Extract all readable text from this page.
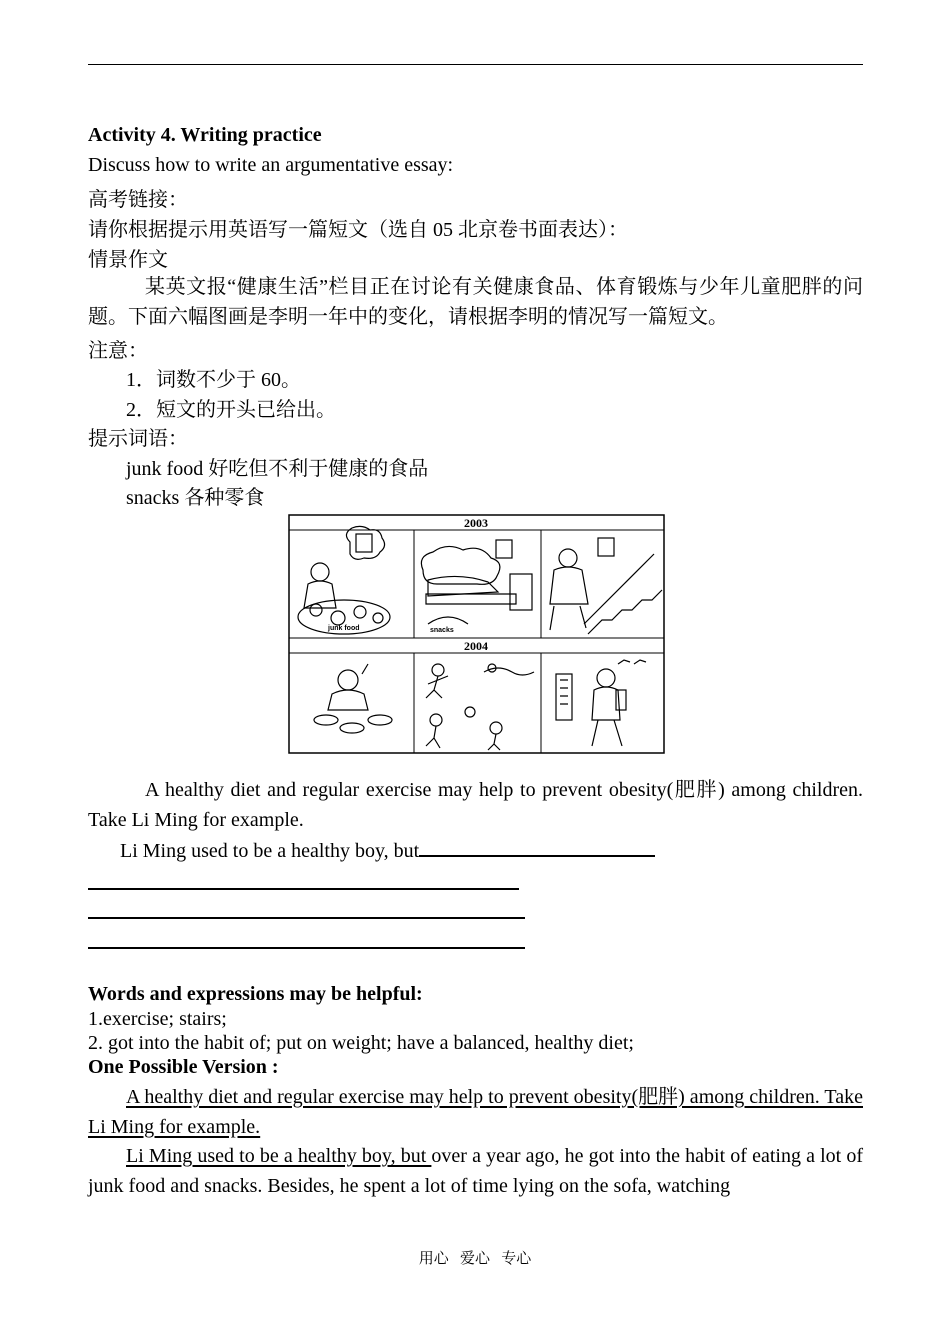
Activity 4. Writing practice
Discuss how to write an argumentative essay:
高考链接：
请你根据提示用英语写一篇短文（选自 05 北京卷书面表达）：
情景作文
某英文报“健康生活”栏目正在讨论有关健康食品、体育锻炼与少年儿童肥胖的问题。下面六幅图画是李明一年中的变化，请根据李明的情况写一篇短文。
注意：
1．词数不少于 60。
2．短文的开头已给出。
提示词语：
junk food 好吃但不利于健康的食品
snacks 各种零食
2003
2004
junk food	snacks
A healthy diet and regular exercise may help to prevent obesity(肥胖) among children. Take Li Ming for example.
Li Ming used to be a healthy boy, but
Words and expressions may be helpful:
1.exercise; stairs;
2. got into the habit of; put on weight; have a balanced, healthy diet;
One Possible Version :
A healthy diet and regular exercise may help to prevent obesity(肥胖) among children. Take Li Ming for example.
Li Ming used to be a healthy boy, but over a year ago, he got into the habit of eating a lot of junk food and snacks. Besides, he spent a lot of time lying on the sofa, watching
用心   爱心   专心
